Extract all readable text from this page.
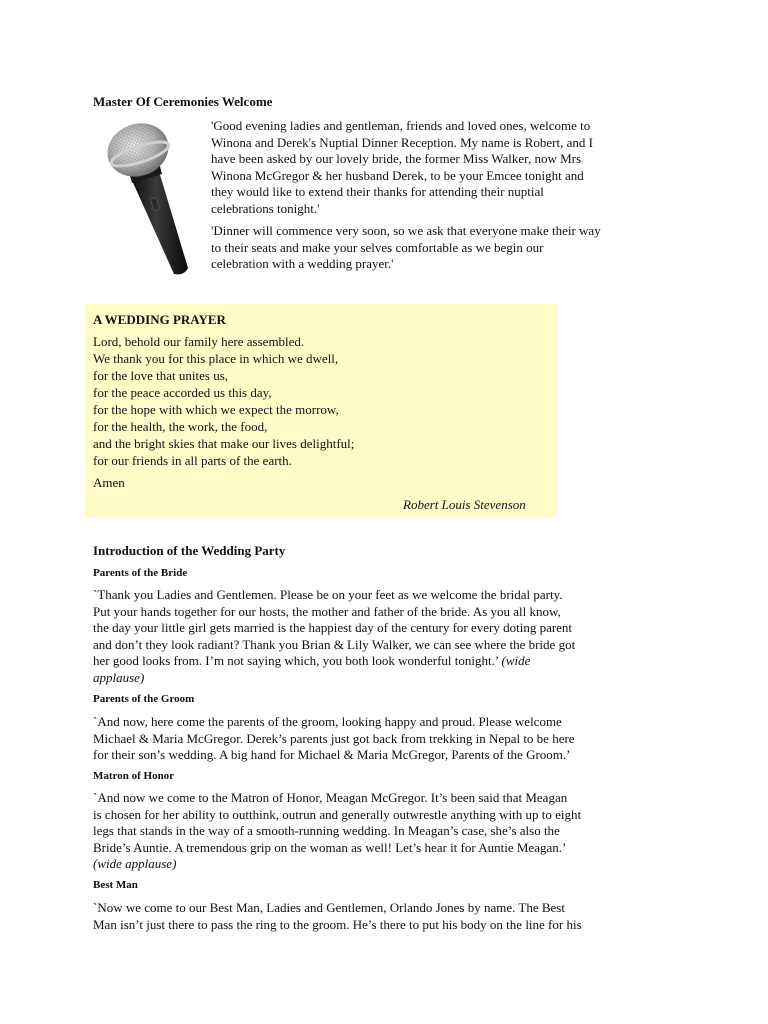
Master Of Ceremonies Welcome
'Good evening ladies and gentleman, friends and loved ones, welcome to
Winona and Derek's Nuptial Dinner Reception. My name is Robert, and I
have been asked by our lovely bride, the former Miss Walker, now Mrs
Winona McGregor & her husband Derek, to be your Emcee tonight and
they would like to extend their thanks for attending their nuptial
celebrations tonight.'
'Dinner will commence very soon, so we ask that everyone make their way
to their seats and make your selves comfortable as we begin our
celebration with a wedding prayer.'
A WEDDING PRAYER
Lord, behold our family here assembled.
We thank you for this place in which we dwell,
for the love that unites us,
for the peace accorded us this day,
for the hope with which we expect the morrow,
for the health, the work, the food,
and the bright skies that make our lives delightful;
for our friends in all parts of the earth.
Amen
Robert Louis Stevenson
Introduction of the Wedding Party
Parents of the Bride
`Thank you Ladies and Gentlemen. Please be on your feet as we welcome the bridal party.
Put your hands together for our hosts, the mother and father of the bride. As you all know,
the day your little girl gets married is the happiest day of the century for every doting parent
and don’t they look radiant? Thank you Brian & Lily Walker, we can see where the bride got
her good looks from. I’m not saying which, you both look wonderful tonight.’ (wide
applause)
Parents of the Groom
`And now, here come the parents of the groom, looking happy and proud. Please welcome
Michael & Maria McGregor. Derek’s parents just got back from trekking in Nepal to be here
for their son’s wedding. A big hand for Michael & Maria McGregor, Parents of the Groom.’
Matron of Honor
`And now we come to the Matron of Honor, Meagan McGregor. It’s been said that Meagan
is chosen for her ability to outthink, outrun and generally outwrestle anything with up to eight
legs that stands in the way of a smooth-running wedding. In Meagan’s case, she’s also the
Bride’s Auntie. A tremendous grip on the woman as well! Let’s hear it for Auntie Meagan.’
(wide applause)
Best Man
`Now we come to our Best Man, Ladies and Gentlemen, Orlando Jones by name. The Best
Man isn’t just there to pass the ring to the groom. He’s there to put his body on the line for his
